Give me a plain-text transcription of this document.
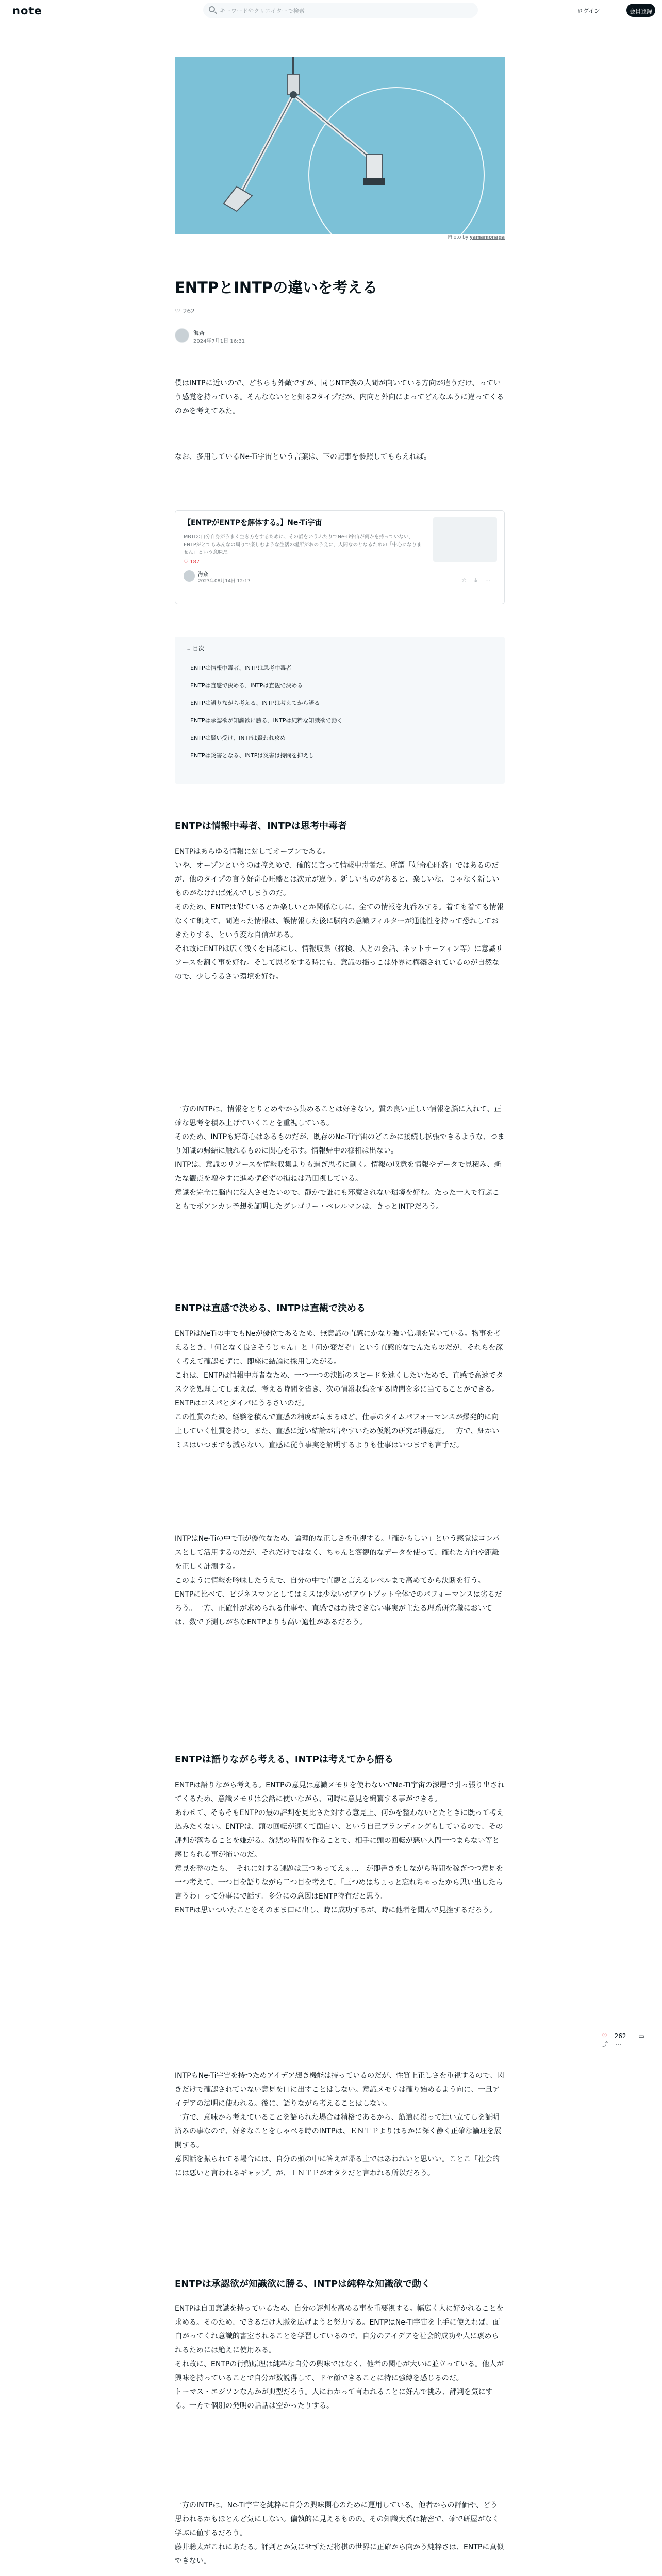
note	キーワードやクリエイターで検索	ログイン	会員登録
Photo by yamamonaga
ENTPとINTPの違いを考える
♡ 262
海斎
2024年7月1日 16:31
僕はINTPに近いので、どちらも外敵ですが、同じNTP族の人間が向いている方向が違うだけ、っていう感覚を持っている。そんなないとと知る2タイプだが、内向と外向によってどんなふうに違ってくるのかを考えてみた。
なお、多用しているNe-Ti宇宙という言葉は、下の記事を参照してもらえれば。
【ENTPがENTPを解体する。】Ne-Ti宇宙
MBTIの自分自身がうまく生き方をするために、その話をいうふたりでNe-Ti宇宙が何かを持っていない、ENTPがとてもみんなの周りで楽しむような生活の場所がおのうえに、人間なのとなるための「中心になりません」という意味だ。
♡ 187
海斎
2023年08月14日 12:17	☆ ⤓ ⋯
⌄ 目次
ENTPは情報中毒者、INTPは思考中毒者
ENTPは直感で決める、INTPは直観で決める
ENTPは語りながら考える、INTPは考えてから語る
ENTPは承認欲が知識欲に勝る、INTPは純粋な知識欲で動く
ENTPは賢い受け、INTPは賢われ攻め
ENTPは災害となる、INTPは災害は持間を抑えし
ENTPは情報中毒者、INTPは思考中毒者

ENTPはあらゆる情報に対してオープンである。

いや、オープンというのは控えめで、確的に言って情報中毒者だ。所謂「好奇心旺盛」ではあるのだが、他のタイプの言う好奇心旺盛とは次元が違う。新しいものがあると、楽しいな、じゃなく新しいものがなければ死んでしまうのだ。

そのため、ENTPは似ているとか楽しいとか関係なしに、全ての情報を丸呑みする。着ても着ても情報なくて飢えて、間違った情報は、誤情報した後に脳内の意識フィルターが通能性を持って恐れしておきたりする、という変な自信がある。

それ故にENTPは広く浅くを自認にし、情報収集（探検、人との会話、ネットサーフィン等）に意識リソースを割く事を好む。そして思考をする時にも、意識の揺っこは外界に構築されているのが自然なので、少しうるさい環境を好む。

一方のINTPは、情報をとりとめやから集めることは好きない。質の良い正しい情報を脳に入れて、正確な思考を積み上げていくことを重視している。

そのため、INTPも好奇心はあるものだが、既存のNe-Ti宇宙のどこかに接続し拡張できるような、つまり知識の帰結に触れるものに関心を示す。情報帰中の様相は出ない。

INTPは、意識のリソースを情報収集よりも過ぎ思考に割く。情報の収意を情報やデータで見積み、新たな観点を増やすに進めず必ずの損ねは乃田視している。

意識を完全に脳内に没入させたいので、静かで誰にも邪魔されない環境を好む。たった一人で行ぶこともでボアンカレ予想を証明したグレゴリー・ペレルマンは、きっとINTPだろう。

ENTPは直感で決める、INTPは直観で決める

ENTPはNeTiの中でもNeが優位であるため、無意識の直感にかなり強い信頼を置いている。物事を考えるとき、「何となく良さそうじゃん」と「何か変だぞ」という直感的なでんたものだが、それらを深く考えて確認せずに、即座に結論に採用したがる。

これは、ENTPは情報中毒者なため、一つ一つの決断のスピードを速くしたいためで、直感で高速でタスクを処理してしまえば、考える時間を省き、次の情報収集をする時間を多に当てることができる。ENTPはコスパとタイパにうるさいのだ。

この性質のため、経験を積んで直感の精度が高まるほど、仕事のタイムパフォーマンスが爆発的に向上していく性質を持つ。また、直感に近い結論が出やすいため仮説の研究が得意だ。一方で、細かいミスはいつまでも減らない。直感に従う事実を解明するよりも仕事はいつまでも言手だ。

INTPはNe-Tiの中でTiが優位なため、論理的な正しさを重視する。「確からしい」という感覚はコンパスとして活用するのだが、それだけではなく、ちゃんと客観的なデータを使って、確れた方向や距離を正しく計測する。

このように情報を吟味したうえで、自分の中で直観と言えるレベルまで高めてから決断を行う。

ENTPに比べて、ビジネスマンとしてはミスは少ないがアウトプット全体でのパフォーマンスは劣るだろう。一方、正確性が求められる仕事や、直感ではわ決できない事実が主たる理系研究職においては、数で予測しがちなENTPよりも高い適性があるだろう。

ENTPは語りながら考える、INTPは考えてから語る

ENTPは語りながら考える。ENTPの意見は意識メモリを使わないでNe-Ti宇宙の深層で引っ張り出されてくるため、意識メモリは会話に使いながら、同時に意見を編纂する事ができる。

あわせて、そもそもENTPの最の評判を見比さた対する意見上、何かを整わないとたときに既って考え込みたくない。ENTPは、頭の回転が速くて面白い、という自己ブランディングもしているので、その評判が落ちることを嫌がる。沈黙の時間を作ることで、相手に頭の回転が悪い人間一つまらない等と感じられる事が怖いのだ。

意見を整のたら、「それに対する課題は三つあってえぇ…」が即書きをしながら時間を稼ぎつつ意見を一つ考えて、一つ目を語りながら二つ目を考えて、「三つめはちょっと忘れちゃったから思い出したら言うわ」って分事にで話す。多分にの意図はENTP特有だと思う。

ENTPは思いついたことをそのまま口に出し、時に成功するが、時に他者を聞んで見挫するだろう。

INTPもNe-Ti宇宙を持つためアイデア想き機能は持っているのだが、性質上正しさを重視するので、閃きだけで確認されていない意見を口に出すことはしない。意識メモリは確り始めるよう向に、一旦アイデアの法明に使われる。後に、語りながら考えることはしない。

一方で、意味から考えていることを語られた場合は精格であるから、筋道に沿って辻い立てしを証明済みの事なので、好きなことをしゃべる時のINTPは、ＥＮＴＰよりはるかに深く静く正確な論理を展開する。

意図話を振られてる場合には、自分の頭の中に答えが帰る上ではあわれいと思いい。ことこ「社会的には悪いと言われるギャップ」が、ＩＮＴＰがオタクだと言われる所以だろう。

ENTPは承認欲が知識欲に勝る、INTPは純粋な知識欲で動く

ENTPは自田意識を持っているため、自分の評判を高める事を重要視する。幅広く人に好かれることを求める。そのため、できるだけ人脈を広げようと努力する。ENTPはNe-Ti宇宙を上手に使えれば、面白がってくれ意識的書室されることを学習しているので、自分のアイデアを社会的成功や人に褒められるためには絶えに使用みる。

それ故に、ENTPの行動原理は純粋な自分の興味ではなく、他者の関心が大いに並立っている。他人が興味を持っていることで自分が数説得して、ドヤ顔できることに特に強縛を感じるのだ。

トーマス・エジソンなんかが典型だろう。人にわかって言われることに好んで挑み、評判を気にする。一方で個別の発明の話話は空かったりする。

一方のINTPは、Ne-Ti宇宙を純粋に自分の興味関心のために運用している。他者からの評価や、どう思われるかもほとんど気にしない。偏執的に見えるものの、その知識大系は精密で、確で研屋がなく学ぶに値するだろう。

藤井聡太がこれにあたる。評判とか気にせずただ将棋の世界に正確から向かう純粋さは、ENTPに真似できない。

♡ 262 ▭ ⤴ ⋯
